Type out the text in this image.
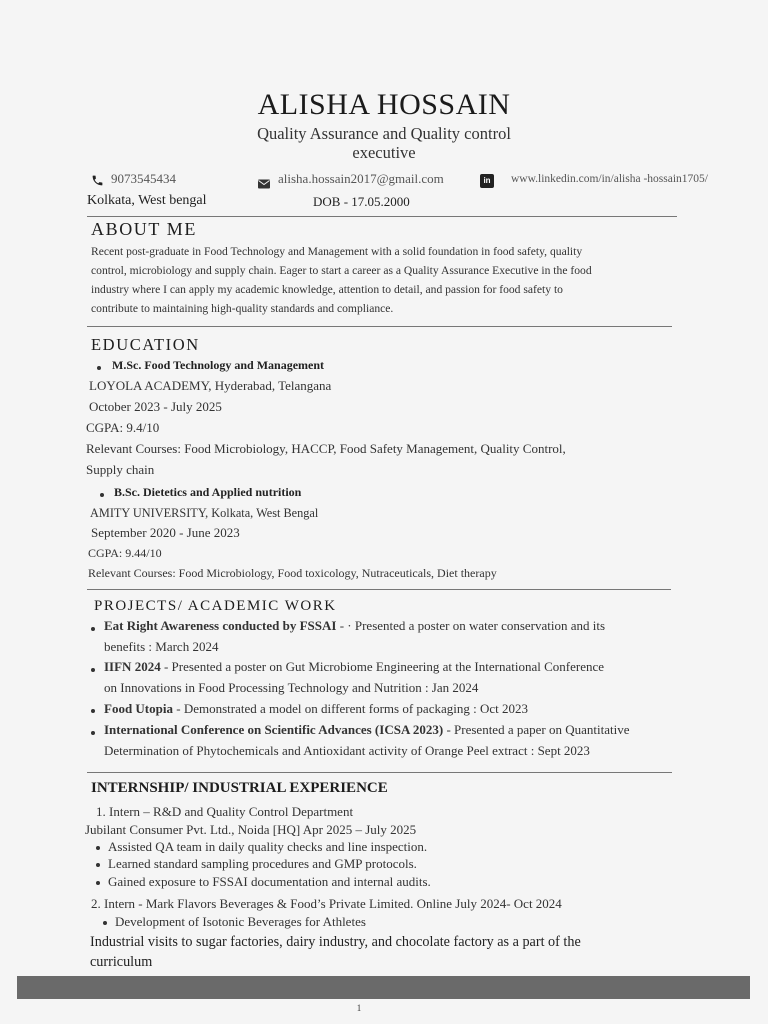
ALISHA HOSSAIN
Quality Assurance and Quality control
executive
9073545434	alisha.hossain2017@gmail.com	in	www.linkedin.com/in/alisha -hossain1705/
Kolkata, West bengal	DOB - 17.05.2000
ABOUT ME
Recent post-graduate in Food Technology and Management with a solid foundation in food safety, quality
control, microbiology and supply chain. Eager to start a career as a Quality Assurance Executive in the food
industry where I can apply my academic knowledge, attention to detail, and passion for food safety to
contribute to maintaining high-quality standards and compliance.
EDUCATION
M.Sc. Food Technology and Management
LOYOLA ACADEMY, Hyderabad, Telangana
October 2023 - July 2025
CGPA: 9.4/10
Relevant Courses: Food Microbiology, HACCP, Food Safety Management, Quality Control,
Supply chain
B.Sc. Dietetics and Applied nutrition
AMITY UNIVERSITY, Kolkata, West Bengal
September 2020 - June 2023
CGPA: 9.44/10
Relevant Courses: Food Microbiology, Food toxicology, Nutraceuticals, Diet therapy
PROJECTS/ ACADEMIC WORK
Eat Right Awareness conducted by FSSAI - · Presented a poster on water conservation and its
benefits : March 2024
IIFN 2024 - Presented a poster on Gut Microbiome Engineering at the International Conference
on Innovations in Food Processing Technology and Nutrition : Jan 2024
Food Utopia - Demonstrated a model on different forms of packaging : Oct 2023
International Conference on Scientific Advances (ICSA 2023) - Presented a paper on Quantitative
Determination of Phytochemicals and Antioxidant activity of Orange Peel extract : Sept 2023
INTERNSHIP/ INDUSTRIAL EXPERIENCE
1. Intern – R&D and Quality Control Department
Jubilant Consumer Pvt. Ltd., Noida [HQ] Apr 2025 – July 2025
Assisted QA team in daily quality checks and line inspection.
Learned standard sampling procedures and GMP protocols.
Gained exposure to FSSAI documentation and internal audits.
2. Intern - Mark Flavors Beverages & Food’s Private Limited. Online July 2024- Oct 2024
Development of Isotonic Beverages for Athletes
Industrial visits to sugar factories, dairy industry, and chocolate factory as a part of the
curriculum
1
